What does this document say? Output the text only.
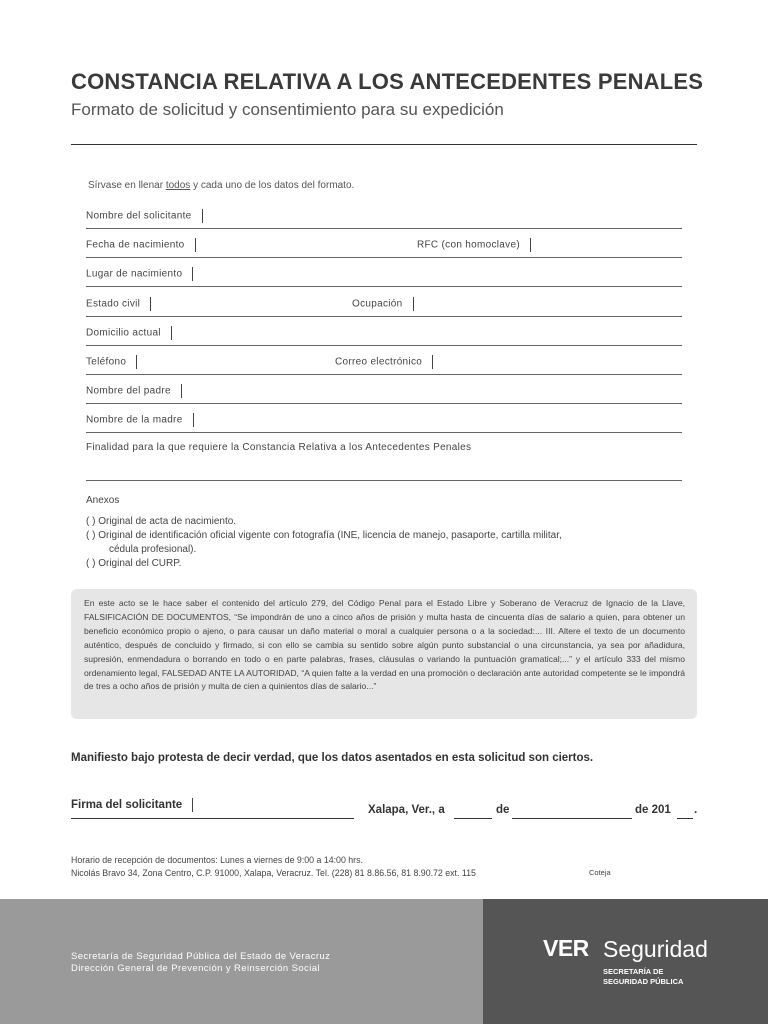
CONSTANCIA RELATIVA A LOS ANTECEDENTES PENALES
Formato de solicitud y consentimiento para su expedición
Sírvase en llenar todos y cada uno de los datos del formato.
Nombre del solicitante
Fecha de nacimiento	RFC (con homoclave)
Lugar de nacimiento
Estado civil	Ocupación
Domicilio actual
Teléfono	Correo electrónico
Nombre del padre
Nombre de la madre
Finalidad para la que requiere la Constancia Relativa a los Antecedentes Penales
Anexos
( ) Original de acta de nacimiento.
( ) Original de identificación oficial vigente con fotografía (INE, licencia de manejo, pasaporte, cartilla militar,
cédula profesional).
( ) Original del CURP.
En este acto se le hace saber el contenido del artículo 279, del Código Penal para el Estado Libre y Soberano de Veracruz de Ignacio de la Llave, FALSIFICACIÓN DE DOCUMENTOS, “Se impondrán de uno a cinco años de prisión y multa hasta de cincuenta días de salario a quien, para obtener un beneficio económico propio o ajeno, o para causar un daño material o moral a cualquier persona o a la sociedad:... III. Altere el texto de un documento auténtico, después de concluido y firmado, si con ello se cambia su sentido sobre algún punto substancial o una circunstancia, ya sea por añadidura, supresión, enmendadura o borrando en todo o en parte palabras, frases, cláusulas o variando la puntuación gramatical;...” y el artículo 333 del mismo ordenamiento legal, FALSEDAD ANTE LA AUTORIDAD, “A quien falte a la verdad en una promoción o declaración ante autoridad competente se le impondrá de tres a ocho años de prisión y multa de cien a quinientos días de salario...”
Manifiesto bajo protesta de decir verdad, que los datos asentados en esta solicitud son ciertos.
Firma del solicitante	Xalapa, Ver., a	de	de 201 .
Horario de recepción de documentos: Lunes a viernes de 9:00 a 14:00 hrs.
Nicolás Bravo 34, Zona Centro, C.P. 91000, Xalapa, Veracruz. Tel. (228) 81 8.86.56, 81 8.90.72 ext. 115	Coteja
Secretaría de Seguridad Pública del Estado de Veracruz
Dirección General de Prevención y Reinserción Social
VER Seguridad
SECRETARÍA DE
SEGURIDAD PÚBLICA
